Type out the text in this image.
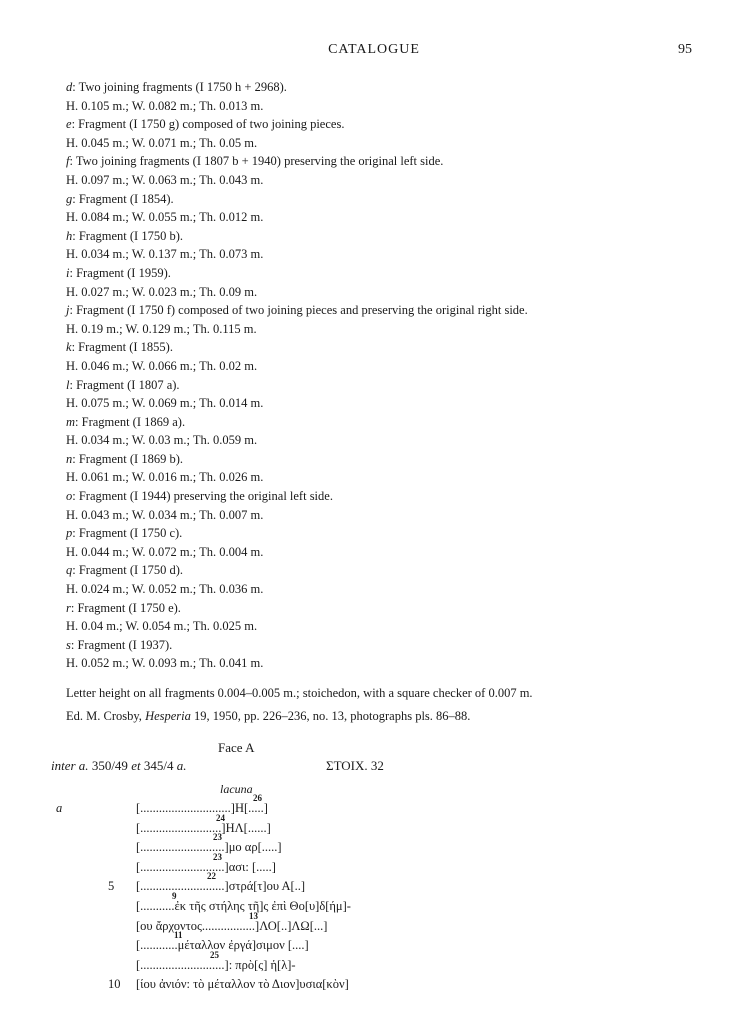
CATALOGUE	95
d: Two joining fragments (I 1750 h + 2968).
H. 0.105 m.; W. 0.082 m.; Th. 0.013 m.
e: Fragment (I 1750 g) composed of two joining pieces.
H. 0.045 m.; W. 0.071 m.; Th. 0.05 m.
f: Two joining fragments (I 1807 b + 1940) preserving the original left side.
H. 0.097 m.; W. 0.063 m.; Th. 0.043 m.
g: Fragment (I 1854).
H. 0.084 m.; W. 0.055 m.; Th. 0.012 m.
h: Fragment (I 1750 b).
H. 0.034 m.; W. 0.137 m.; Th. 0.073 m.
i: Fragment (I 1959).
H. 0.027 m.; W. 0.023 m.; Th. 0.09 m.
j: Fragment (I 1750 f) composed of two joining pieces and preserving the original right side.
H. 0.19 m.; W. 0.129 m.; Th. 0.115 m.
k: Fragment (I 1855).
H. 0.046 m.; W. 0.066 m.; Th. 0.02 m.
l: Fragment (I 1807 a).
H. 0.075 m.; W. 0.069 m.; Th. 0.014 m.
m: Fragment (I 1869 a).
H. 0.034 m.; W. 0.03 m.; Th. 0.059 m.
n: Fragment (I 1869 b).
H. 0.061 m.; W. 0.016 m.; Th. 0.026 m.
o: Fragment (I 1944) preserving the original left side.
H. 0.043 m.; W. 0.034 m.; Th. 0.007 m.
p: Fragment (I 1750 c).
H. 0.044 m.; W. 0.072 m.; Th. 0.004 m.
q: Fragment (I 1750 d).
H. 0.024 m.; W. 0.052 m.; Th. 0.036 m.
r: Fragment (I 1750 e).
H. 0.04 m.; W. 0.054 m.; Th. 0.025 m.
s: Fragment (I 1937).
H. 0.052 m.; W. 0.093 m.; Th. 0.041 m.
Letter height on all fragments 0.004–0.005 m.; stoichedon, with a square checker of 0.007 m.
Ed. M. Crosby, Hesperia 19, 1950, pp. 226–236, no. 13, photographs pls. 86–88.
Face A
inter a. 350/49 et 345/4 a.	ΣΤΟΙΧ. 32
lacuna
a	[.............................]Η[.....]
26
[..........................]ΗΛ[......]
24
[...........................]μο αρ[.....]
23
[...........................]ασι: [.....]
23
[...........................]στρά[τ]ου Α[..]
5
22
[...........ἐκ τῆς στήλης τῆ]ς ἐπὶ Θο[υ]δ[ήμ]-
9
[ου ἄρχοντος.................]ΛΟ[..]ΛΩ[...]
13
[............μέταλλον ἐργά]σιμον [....]
11
[...........................]: πρὸ[ς] ἡ[λ]-
25
[ίου ἀνιόν: τὸ μέταλλον τὸ Διον]υσια[κὸν]
10
